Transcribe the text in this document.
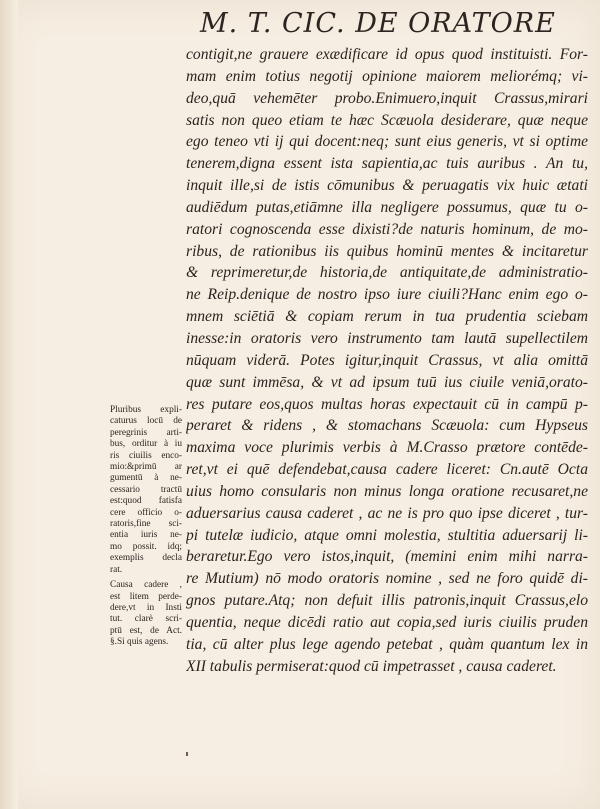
M. T. CIC. DE ORATORE
contigit,ne grauere exædificare id opus quod instituisti. For-
mam enim totius negotij opinione maiorem meliorémq; vi-
deo,quā vehemēter probo.Enimuero,inquit Crassus,mirari
satis non queo etiam te hæc Scæuola desiderare, quæ neque
ego teneo vti ij qui docent:neq; sunt eius generis, vt si optime
tenerem,digna essent ista sapientia,ac tuis auribus . An tu,
inquit ille,si de istis cōmunibus & peruagatis vix huic ætati
audiēdum putas,etiāmne illa negligere possumus, quæ tu o-
ratori cognoscenda esse dixisti?de naturis hominum, de mo-
ribus, de rationibus iis quibus hominū mentes & incitaretur
& reprimeretur,de historia,de antiquitate,de administratio-
ne Reip.denique de nostro ipso iure ciuili?Hanc enim ego o-
mnem sciētiā & copiam rerum in tua prudentia sciebam
inesse:in oratoris vero instrumento tam lautā supellectilem
nūquam viderā. Potes igitur,inquit Crassus, vt alia omittā
quæ sunt immēsa, & vt ad ipsum tuū ius ciuile veniā,orato-
res putare eos,quos multas horas expectauit cū in campū p-
peraret & ridens , & stomachans Scæuola: cum Hypseus
maxima voce plurimis verbis à M.Crasso prætore contēde-
ret,vt ei quē defendebat,causa cadere liceret: Cn.autē Octa
uius homo consularis non minus longa oratione recusaret,ne
aduersarius causa caderet , ac ne is pro quo ipse diceret , tur-
pi tutelæ iudicio, atque omni molestia, stultitia aduersarij li-
beraretur.Ego vero istos,inquit, (memini enim mihi narra-
re Mutium) nō modo oratoris nomine , sed ne foro quidē di-
gnos putare.Atq; non defuit illis patronis,inquit Crassus,elo
quentia, neque dicēdi ratio aut copia,sed iuris ciuilis pruden
tia, cū alter plus lege agendo petebat , quàm quantum lex in
XII tabulis permiserat:quod cū impetrasset , causa caderet.
Pluribus expli-
caturus locū de
peregrinis arti-
bus, orditur à iu
ris ciuilis enco-
mio:&primū ar
gumentū à ne-
cessario tractū
est:quod fatisfa
cere officio o-
ratoris,fine sci-
entia iuris ne-
mo possit. idq;
exemplis decla
rat.
Causa cadere ,
est litem perde-
dere,vt in Insti
tut. clarè scri-
ptū est, de Act.
§.Si quis agens.
